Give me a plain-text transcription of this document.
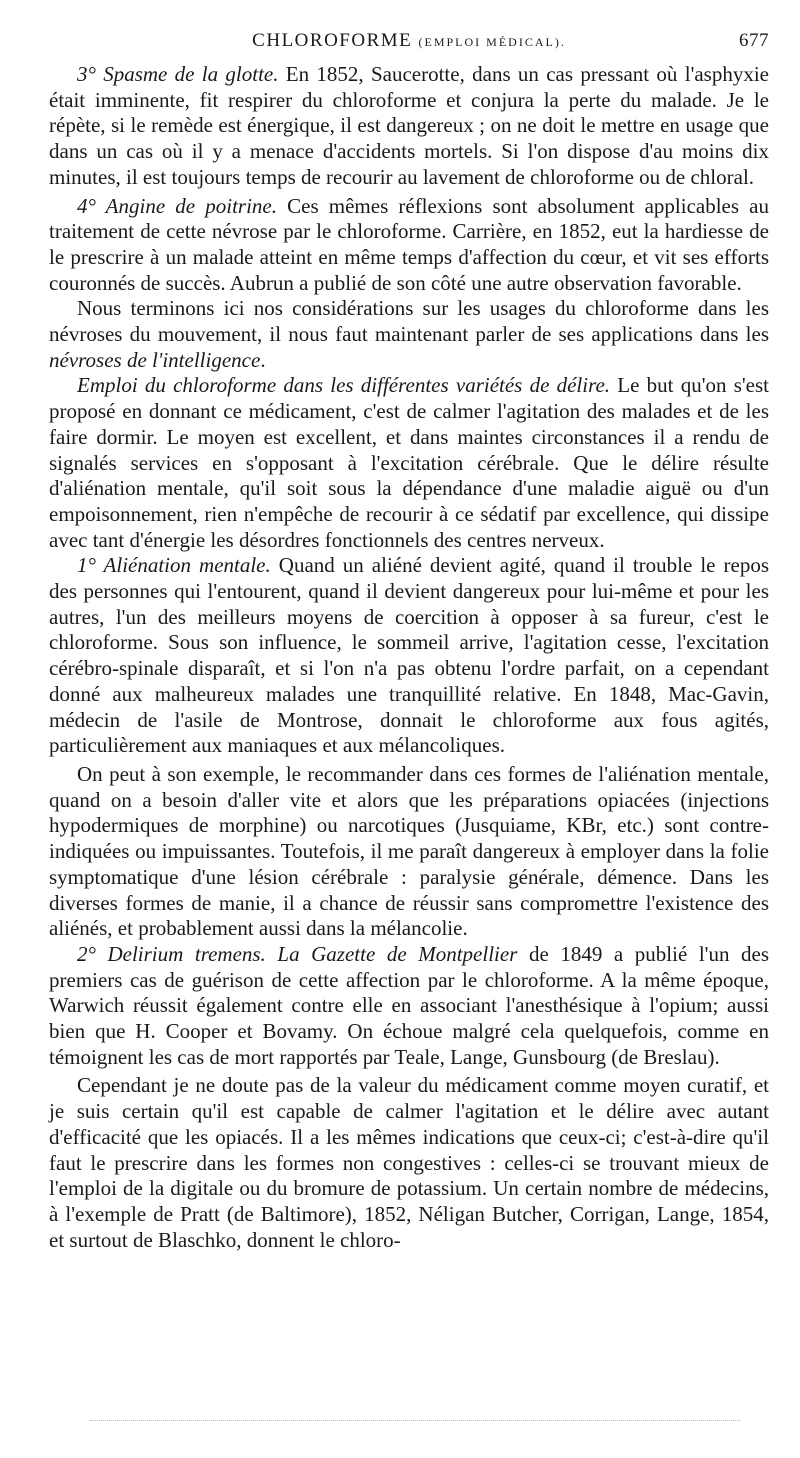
CHLOROFORME (EMPLOI MÉDICAL).	677

3° Spasme de la glotte. En 1852, Saucerotte, dans un cas pressant où l'asphyxie était imminente, fit respirer du chloroforme et conjura la perte du malade. Je le répète, si le remède est énergique, il est dangereux ; on ne doit le mettre en usage que dans un cas où il y a menace d'accidents mortels. Si l'on dispose d'au moins dix minutes, il est toujours temps de recourir au lavement de chloroforme ou de chloral.

4° Angine de poitrine. Ces mêmes réflexions sont absolument applicables au traitement de cette névrose par le chloroforme. Carrière, en 1852, eut la hardiesse de le prescrire à un malade atteint en même temps d'affection du cœur, et vit ses efforts couronnés de succès. Aubrun a publié de son côté une autre observation favorable.

Nous terminons ici nos considérations sur les usages du chloroforme dans les névroses du mouvement, il nous faut maintenant parler de ses applications dans les névroses de l'intelligence.

Emploi du chloroforme dans les différentes variétés de délire. Le but qu'on s'est proposé en donnant ce médicament, c'est de calmer l'agitation des malades et de les faire dormir. Le moyen est excellent, et dans maintes circonstances il a rendu de signalés services en s'opposant à l'excitation cérébrale. Que le délire résulte d'aliénation mentale, qu'il soit sous la dépendance d'une maladie aiguë ou d'un empoisonnement, rien n'empêche de recourir à ce sédatif par excellence, qui dissipe avec tant d'énergie les désordres fonctionnels des centres nerveux.

1° Aliénation mentale. Quand un aliéné devient agité, quand il trouble le repos des personnes qui l'entourent, quand il devient dangereux pour lui-même et pour les autres, l'un des meilleurs moyens de coercition à opposer à sa fureur, c'est le chloroforme. Sous son influence, le sommeil arrive, l'agitation cesse, l'excitation cérébro-spinale disparaît, et si l'on n'a pas obtenu l'ordre parfait, on a cependant donné aux malheureux malades une tranquillité relative. En 1848, Mac-Gavin, médecin de l'asile de Montrose, donnait le chloroforme aux fous agités, particulièrement aux maniaques et aux mélancoliques.

On peut à son exemple, le recommander dans ces formes de l'aliénation mentale, quand on a besoin d'aller vite et alors que les préparations opiacées (injections hypodermiques de morphine) ou narcotiques (Jusquiame, KBr, etc.) sont contre-indiquées ou impuissantes. Toutefois, il me paraît dangereux à employer dans la folie symptomatique d'une lésion cérébrale : paralysie générale, démence. Dans les diverses formes de manie, il a chance de réussir sans compromettre l'existence des aliénés, et probablement aussi dans la mélancolie.

2° Delirium tremens. La Gazette de Montpellier de 1849 a publié l'un des premiers cas de guérison de cette affection par le chloroforme. A la même époque, Warwich réussit également contre elle en associant l'anesthésique à l'opium; aussi bien que H. Cooper et Bovamy. On échoue malgré cela quelquefois, comme en témoignent les cas de mort rapportés par Teale, Lange, Gunsbourg (de Breslau).

Cependant je ne doute pas de la valeur du médicament comme moyen curatif, et je suis certain qu'il est capable de calmer l'agitation et le délire avec autant d'efficacité que les opiacés. Il a les mêmes indications que ceux-ci; c'est-à-dire qu'il faut le prescrire dans les formes non congestives : celles-ci se trouvant mieux de l'emploi de la digitale ou du bromure de potassium. Un certain nombre de médecins, à l'exemple de Pratt (de Baltimore), 1852, Néligan Butcher, Corrigan, Lange, 1854, et surtout de Blaschko, donnent le chloro-
